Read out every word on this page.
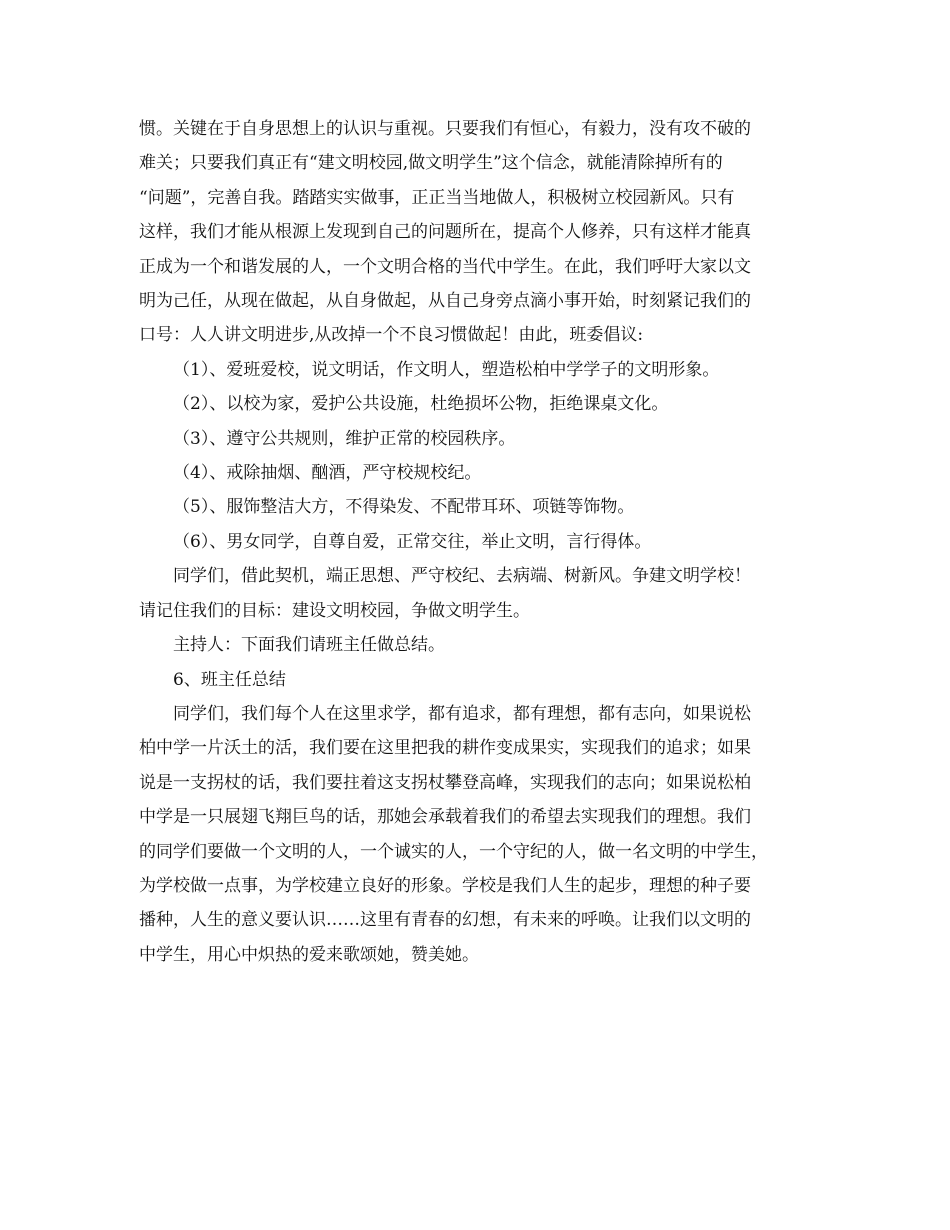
惯。关键在于自身思想上的认识与重视。只要我们有恒心，有毅力，没有攻不破的

难关；只要我们真正有“建文明校园,做文明学生”这个信念，就能清除掉所有的

“问题”，完善自我。踏踏实实做事，正正当当地做人，积极树立校园新风。只有

这样，我们才能从根源上发现到自己的问题所在，提高个人修养，只有这样才能真

正成为一个和谐发展的人，一个文明合格的当代中学生。在此，我们呼吁大家以文

明为己任，从现在做起，从自身做起，从自己身旁点滴小事开始，时刻紧记我们的

口号：人人讲文明进步,从改掉一个不良习惯做起！由此，班委倡议:

（1）、爱班爱校，说文明话，作文明人，塑造松柏中学学子的文明形象。

（2）、以校为家，爱护公共设施，杜绝损坏公物，拒绝课桌文化。

（3）、遵守公共规则，维护正常的校园秩序。

（4）、戒除抽烟、酗酒，严守校规校纪。

（5）、服饰整洁大方，不得染发、不配带耳环、项链等饰物。

（6）、男女同学，自尊自爱，正常交往，举止文明，言行得体。

同学们，借此契机，端正思想、严守校纪、去病端、树新风。争建文明学校！

请记住我们的目标：建设文明校园，争做文明学生。

主持人：下面我们请班主任做总结。

6、班主任总结

同学们，我们每个人在这里求学，都有追求，都有理想，都有志向，如果说松

柏中学一片沃土的活，我们要在这里把我的耕作变成果实，实现我们的追求；如果

说是一支拐杖的话，我们要拄着这支拐杖攀登高峰，实现我们的志向；如果说松柏

中学是一只展翅飞翔巨鸟的话，那她会承载着我们的希望去实现我们的理想。我们

的同学们要做一个文明的人，一个诚实的人，一个守纪的人，做一名文明的中学生，

为学校做一点事，为学校建立良好的形象。学校是我们人生的起步，理想的种子要

播种，人生的意义要认识……这里有青春的幻想，有未来的呼唤。让我们以文明的

中学生，用心中炽热的爱来歌颂她，赞美她。
